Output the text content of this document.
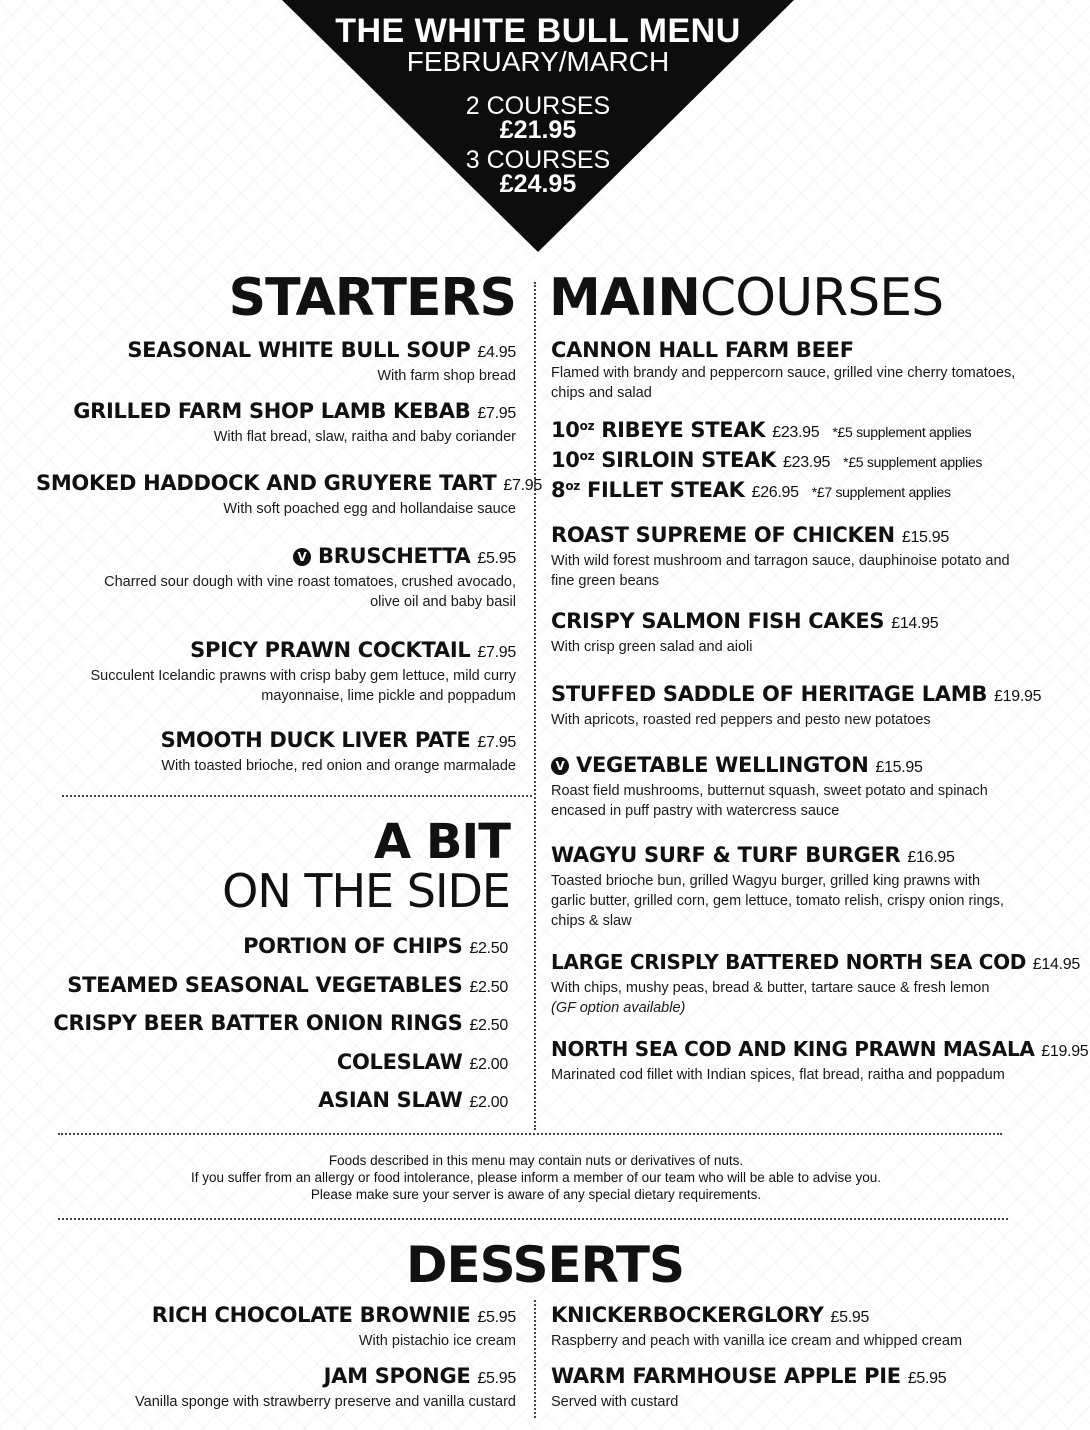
THE WHITE BULL MENU
FEBRUARY/MARCH
2 COURSES
£21.95
3 COURSES
£24.95
STARTERS
SEASONAL WHITE BULL SOUP £4.95
With farm shop bread
GRILLED FARM SHOP LAMB KEBAB £7.95
With flat bread, slaw, raitha and baby coriander
SMOKED HADDOCK AND GRUYERE TART £7.95
With soft poached egg and hollandaise sauce
V BRUSCHETTA £5.95
Charred sour dough with vine roast tomatoes, crushed avocado,
olive oil and baby basil
SPICY PRAWN COCKTAIL £7.95
Succulent Icelandic prawns with crisp baby gem lettuce, mild curry
mayonnaise, lime pickle and poppadum
SMOOTH DUCK LIVER PATE £7.95
With toasted brioche, red onion and orange marmalade
A BIT
ON THE SIDE
PORTION OF CHIPS £2.50
STEAMED SEASONAL VEGETABLES £2.50
CRISPY BEER BATTER ONION RINGS £2.50
COLESLAW £2.00
ASIAN SLAW £2.00
MAINCOURSES
CANNON HALL FARM BEEF
Flamed with brandy and peppercorn sauce, grilled vine cherry tomatoes,
chips and salad
$10^{oz}$ RIBEYE STEAK £23.95 *£5 supplement applies
$10^{oz}$ SIRLOIN STEAK £23.95 *£5 supplement applies
$8^{oz}$ FILLET STEAK £26.95 *£7 supplement applies
ROAST SUPREME OF CHICKEN £15.95
With wild forest mushroom and tarragon sauce, dauphinoise potato and
fine green beans
CRISPY SALMON FISH CAKES £14.95
With crisp green salad and aioli
STUFFED SADDLE OF HERITAGE LAMB £19.95
With apricots, roasted red peppers and pesto new potatoes
V VEGETABLE WELLINGTON £15.95
Roast field mushrooms, butternut squash, sweet potato and spinach
encased in puff pastry with watercress sauce
WAGYU SURF & TURF BURGER £16.95
Toasted brioche bun, grilled Wagyu burger, grilled king prawns with
garlic butter, grilled corn, gem lettuce, tomato relish, crispy onion rings,
chips & slaw
LARGE CRISPLY BATTERED NORTH SEA COD £14.95
With chips, mushy peas, bread & butter, tartare sauce & fresh lemon
(GF option available)
NORTH SEA COD AND KING PRAWN MASALA £19.95
Marinated cod fillet with Indian spices, flat bread, raitha and poppadum
Foods described in this menu may contain nuts or derivatives of nuts.
If you suffer from an allergy or food intolerance, please inform a member of our team who will be able to advise you.
Please make sure your server is aware of any special dietary requirements.
DESSERTS
RICH CHOCOLATE BROWNIE £5.95
With pistachio ice cream
JAM SPONGE £5.95
Vanilla sponge with strawberry preserve and vanilla custard
KNICKERBOCKERGLORY £5.95
Raspberry and peach with vanilla ice cream and whipped cream
WARM FARMHOUSE APPLE PIE £5.95
Served with custard
